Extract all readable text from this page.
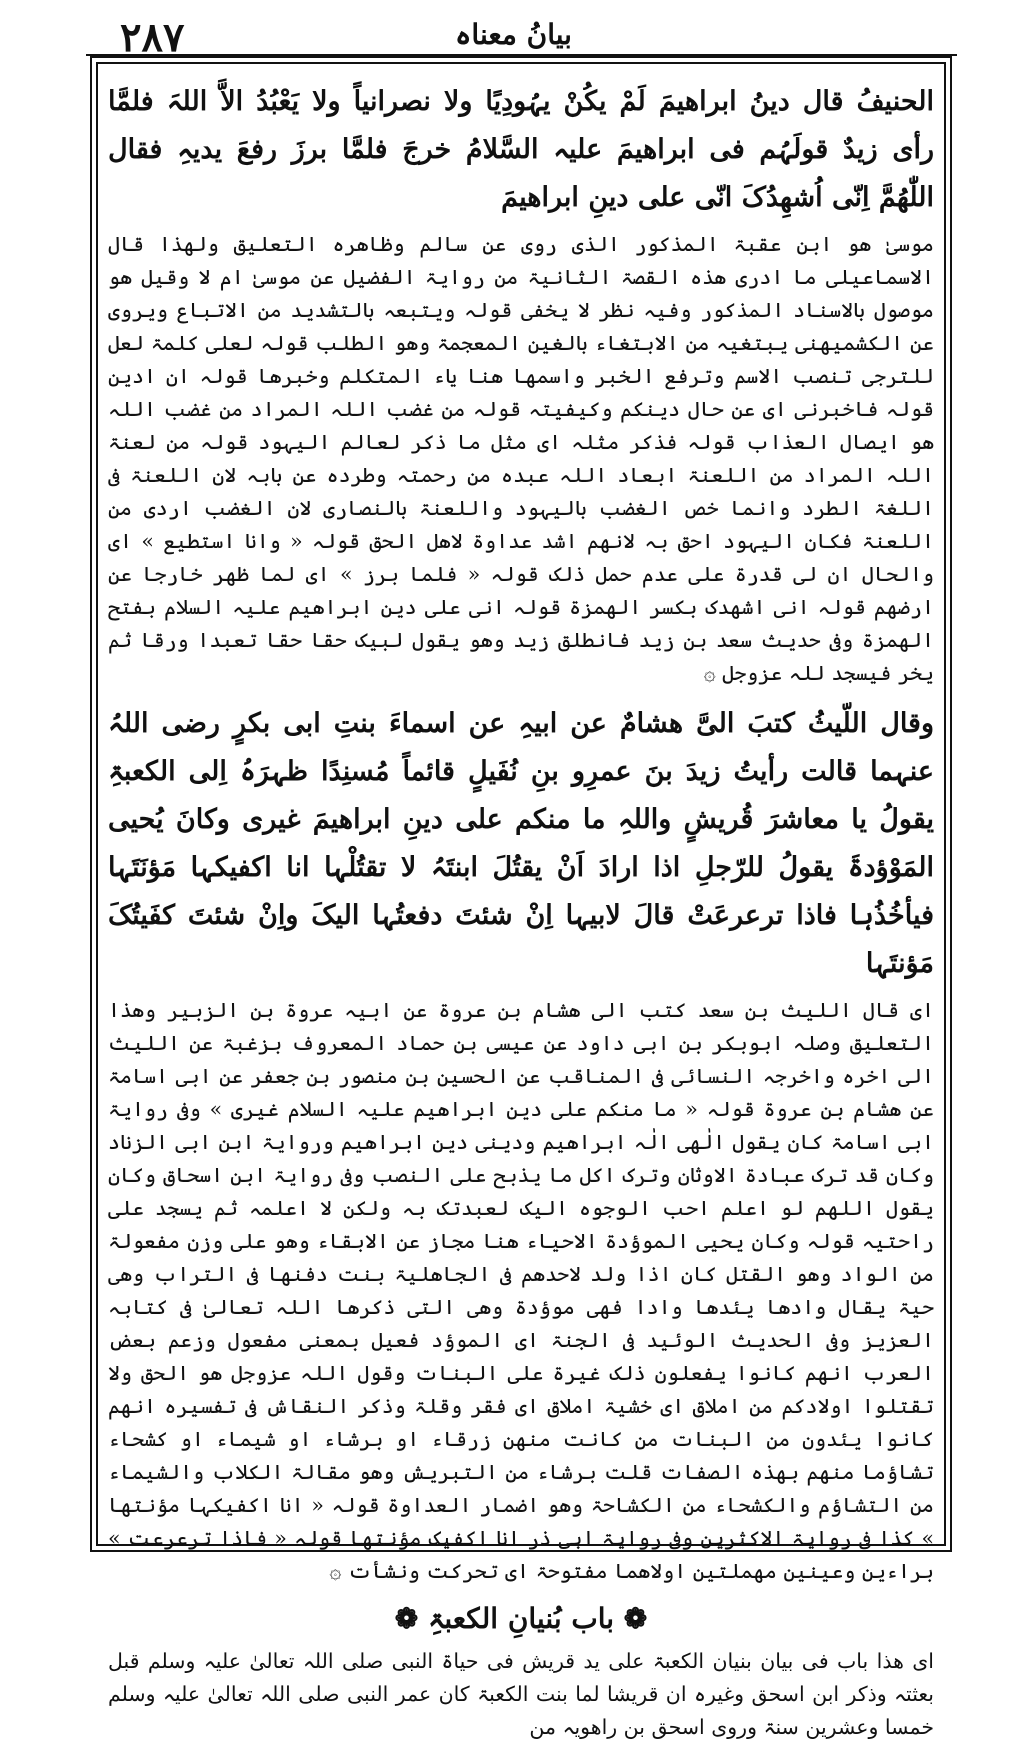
۲۸۷	بیانُ معناہ

الحنیفُ قال دینُ ابراھیمَ لَمْ یکُنْ یہُودِیًا ولا نصرانیاً ولا یَعْبُدُ الاَّ اللہَ فلمَّا رأی زیدٌ قولَہُم فی ابراھیمَ علیہ السَّلامُ خرجَ فلمَّا برزَ رفعَ یدیہِ فقال اللّٰھُمَّ اِنّی اُشھِدُکَ انّی علی دینِ ابراھیمَ

موسیٰ ھو ابن عقبۃ المذکور الذی روی عن سالم وظاھرہ التعلیق ولھذا قال الاسماعیلی ما ادری ھذہ القصۃ الثانیۃ من روایۃ الفضیل عن موسیٰ ام لا وقیل ھو موصول بالاسناد المذکور وفیہ نظر لا یخفی قولہ ویتبعہ بالتشدید من الاتباع ویروی عن الکشمیھنی یبتغیہ من الابتغاء بالغین المعجمۃ وھو الطلب قولہ لعلی کلمۃ لعل للترجی تنصب الاسم وترفع الخبر واسمھا ھنا یاء المتکلم وخبرھا قولہ ان ادین قولہ فاخبرنی ای عن حال دینکم وکیفیتہ قولہ من غضب اللہ المراد من غضب اللہ ھو ایصال العذاب قولہ فذکر مثلہ ای مثل ما ذکر لعالم الیہود قولہ من لعنۃ اللہ المراد من اللعنۃ ابعاد اللہ عبدہ من رحمتہ وطردہ عن بابہ لان اللعنۃ فی اللغۃ الطرد وانما خص الغضب بالیہود واللعنۃ بالنصاری لان الغضب اردی من اللعنۃ فکان الیہود احق بہ لانھم اشد عداوۃ لاھل الحق قولہ « وانا استطیع » ای والحال ان لی قدرۃ علی عدم حمل ذلک قولہ « فلما برز » ای لما ظھر خارجا عن ارضھم قولہ انی اشھدک بکسر الھمزۃ قولہ انی علی دین ابراھیم علیہ السلام بفتح الھمزۃ وفی حدیث سعد بن زید فانطلق زید وھو یقول لبیک حقا حقا تعبدا ورقا ثم یخر فیسجد للہ عزوجل ۞

وقال اللّیثُ کتبَ الیَّ ھشامٌ عن ابیہِ عن اسماءَ بنتِ ابی بکرٍ رضی اللہُ عنہما قالت رأیتُ زیدَ بنَ عمرِو بنِ نُفَیلٍ قائماً مُسنِدًا ظہرَہُ اِلی الکعبۃِ یقولُ یا معاشرَ قُریشٍ واللہِ ما منکم علی دینِ ابراھیمَ غیری وکانَ یُحیی المَوْؤدۃَ یقولُ للرّجلِ اذا ارادَ اَنْ یقتُلَ ابنتَہُ لا تقتُلْہا انا اکفیکہا مَؤنَتَہا فیأخُذُہا فاذا ترعرعَتْ قالَ لابیہا اِنْ شئتَ دفعتُہا الیکَ واِنْ شئتَ کفَیتُکَ مَؤنتَہا

ای قال اللیث بن سعد کتب الی ھشام بن عروۃ عن ابیہ عروۃ بن الزبیر وھذا التعلیق وصلہ ابوبکر بن ابی داود عن عیسی بن حماد المعروف بزغبۃ عن اللیث الی اخرہ واخرجہ النسائی فی المناقب عن الحسین بن منصور بن جعفر عن ابی اسامۃ عن ھشام بن عروۃ قولہ « ما منکم علی دین ابراھیم علیہ السلام غیری » وفی روایۃ ابی اسامۃ کان یقول الٰھی الٰہ ابراھیم ودینی دین ابراھیم وروایۃ ابن ابی الزناد وکان قد ترک عبادۃ الاوثان وترک اکل ما یذبح علی النصب وفی روایۃ ابن اسحاق وکان یقول اللھم لو اعلم احب الوجوہ الیک لعبدتک بہ ولکن لا اعلمہ ثم یسجد علی راحتیہ قولہ وکان یحیی الموؤدۃ الاحیاء ھنا مجاز عن الابقاء وھو علی وزن مفعولۃ من الواد وھو القتل کان اذا ولد لاحدھم فی الجاھلیۃ بنت دفنھا فی التراب وھی حیۃ یقال وادھا یئدھا وادا فھی موؤدۃ وھی التی ذکرھا اللہ تعالیٰ فی کتابہ العزیز وفی الحدیث الوئید فی الجنۃ ای الموؤد فعیل بمعنی مفعول وزعم بعض العرب انھم کانوا یفعلون ذلک غیرۃ علی البنات وقول اللہ عزوجل ھو الحق ولا تقتلوا اولادکم من املاق ای خشیۃ املاق ای فقر وقلۃ وذکر النقاش فی تفسیرہ انھم کانوا یئدون من البنات من کانت منھن زرقاء او برشاء او شیماء او کشحاء تشاؤما منھم بھذہ الصفات قلت برشاء من التبریش وھو مقالۃ الکلاب والشیماء من التشاؤم والکشحاء من الکشاحۃ وھو اضمار العداوۃ قولہ « انا اکفیکہا مؤنتھا » کذا فی روایۃ الاکثرین وفی روایۃ ابی ذر انا اکفیک مؤنتھا قولہ « فاذا ترعرعت » براءین وعینین مھملتین اولاھما مفتوحۃ ای تحرکت ونشأت ۞

❁ باب بُنیانِ الکعبۃِ ❁

ای ھذا باب فی بیان بنیان الکعبۃ علی ید قریش فی حیاۃ النبی صلی اللہ تعالیٰ علیہ وسلم قبل بعثتہ وذکر ابن اسحق وغیرہ ان قریشا لما بنت الکعبۃ کان عمر النبی صلی اللہ تعالیٰ علیہ وسلم خمسا وعشرین سنۃ وروی اسحق بن راھویہ من
